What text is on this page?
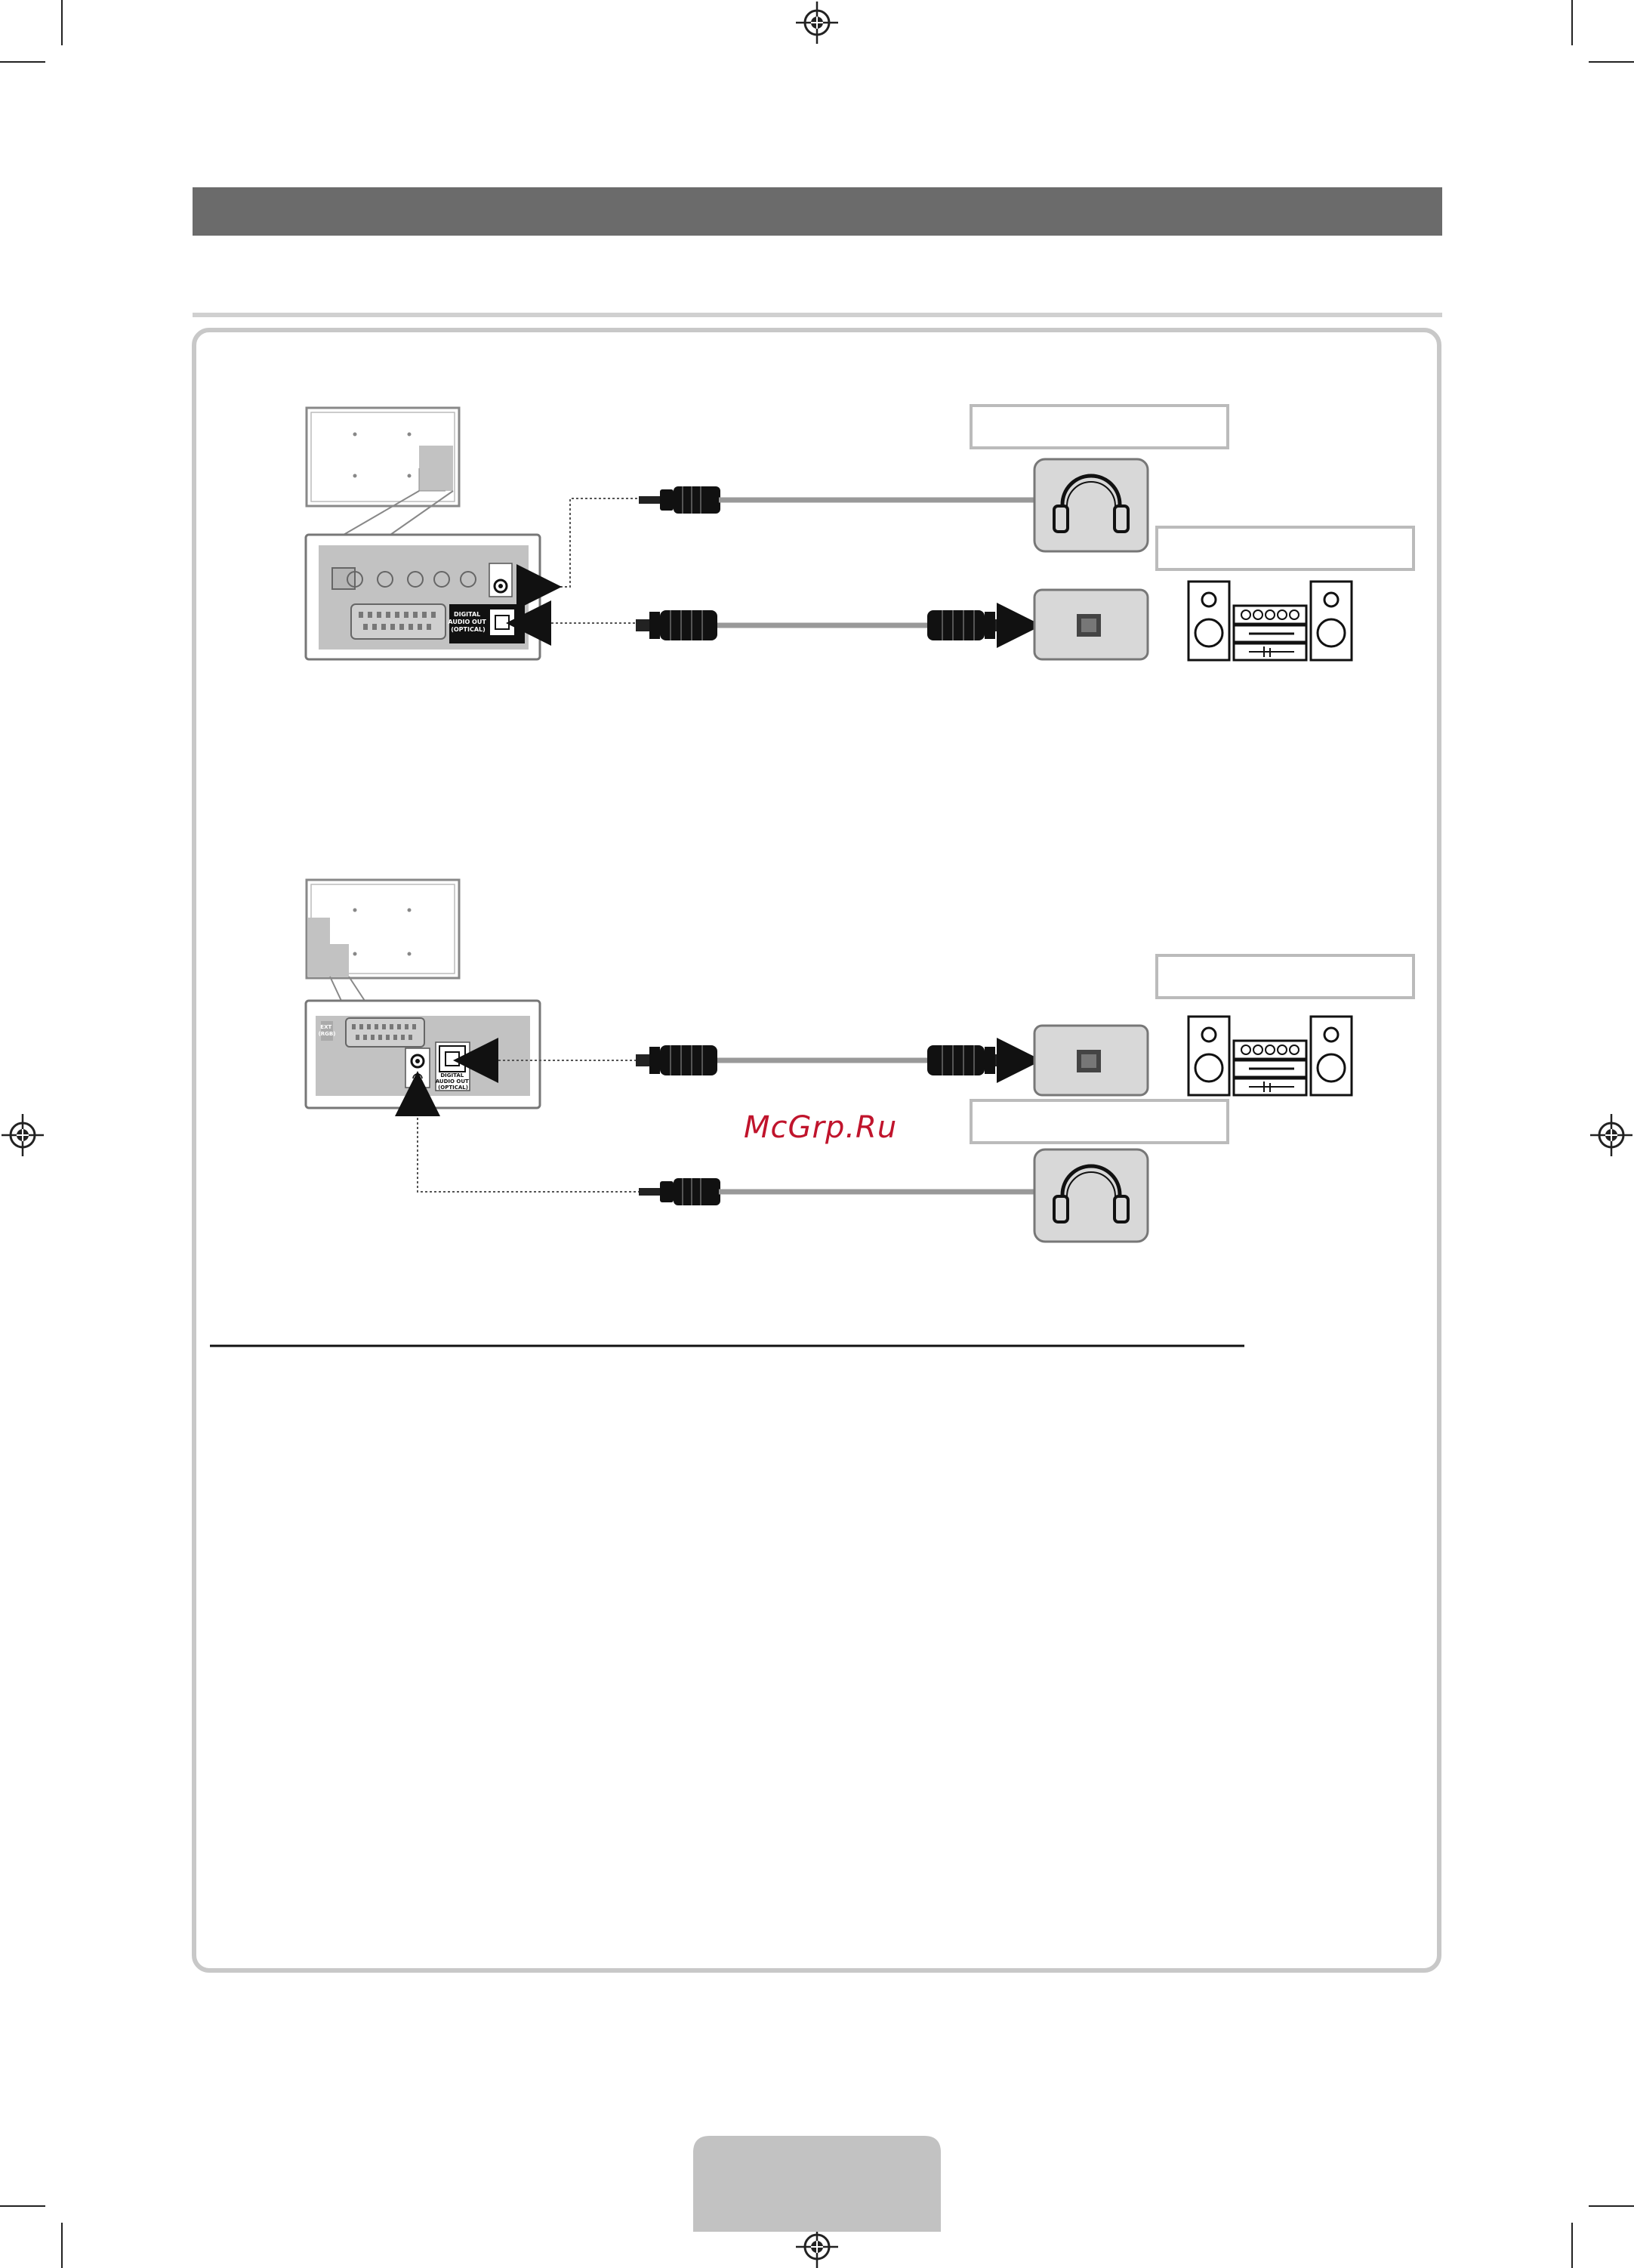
DIGITAL AUDIO OUT (OPTICAL)
EXT (RGB)
DIGITAL AUDIO OUT (OPTICAL)
McGrp.Ru
